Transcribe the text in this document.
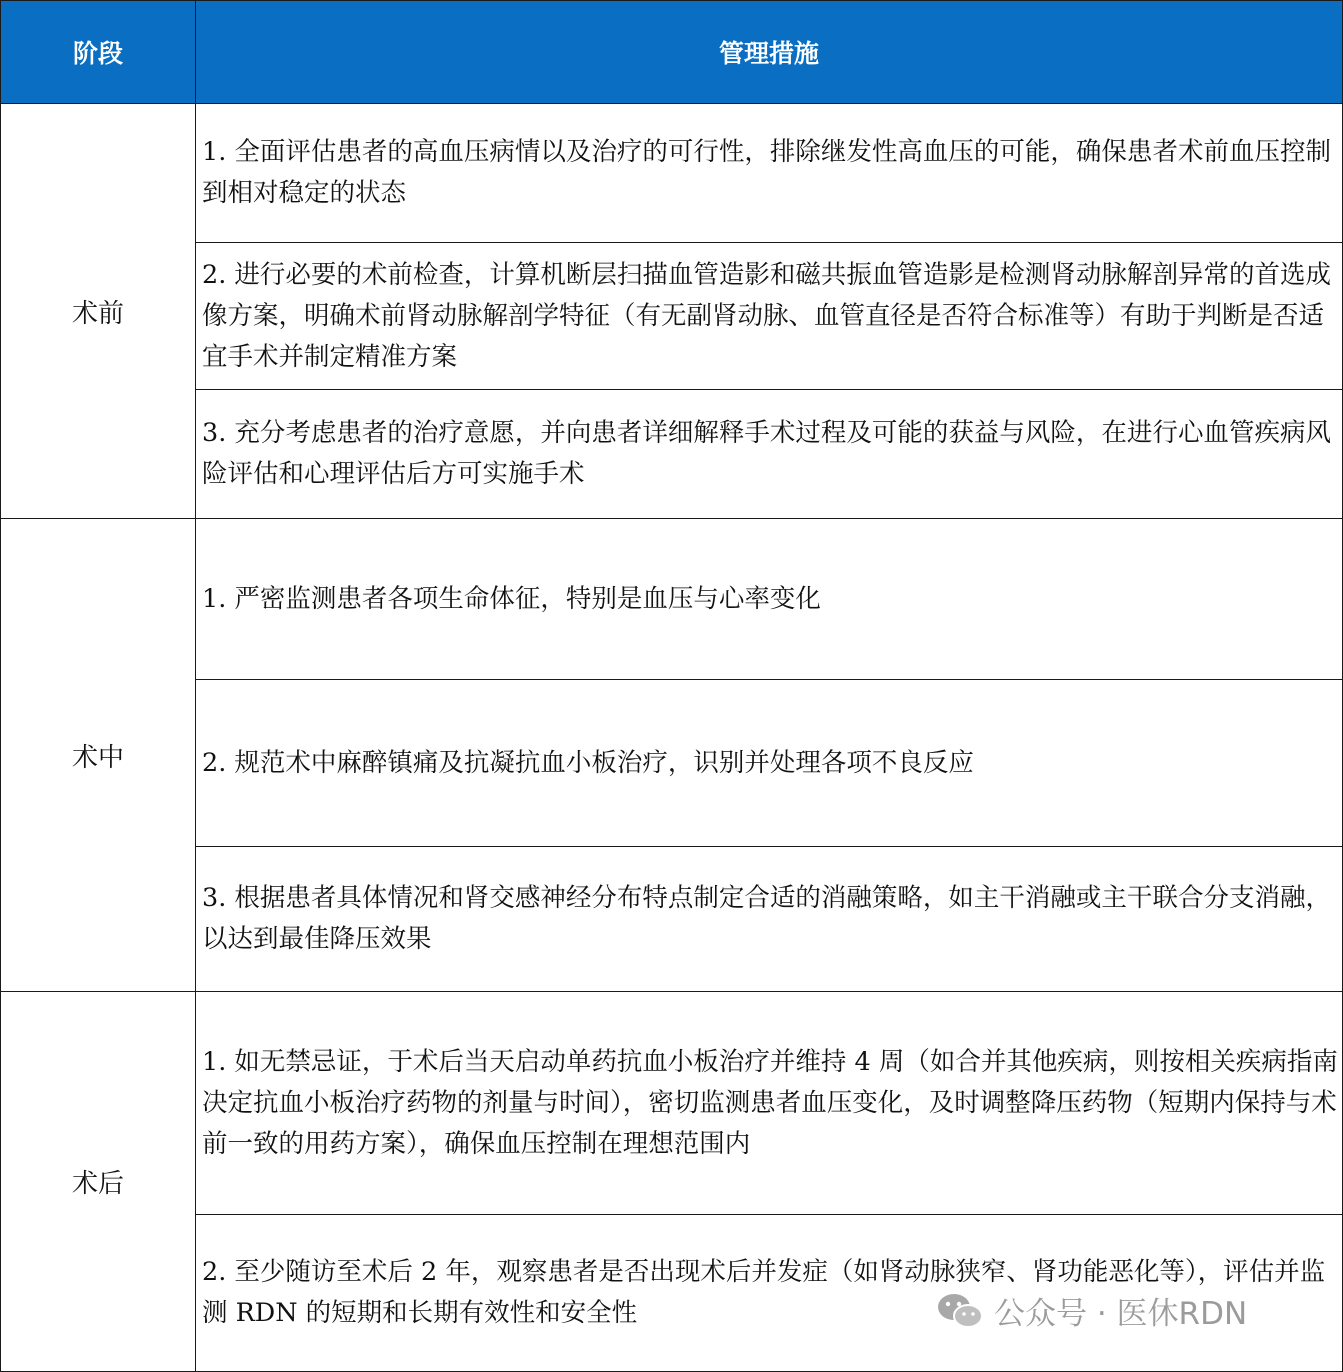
阶段	管理措施
术前	1. 全面评估患者的高血压病情以及治疗的可行性，排除继发性高血压的可能，确保患者术前血压控制到相对稳定的状态
	2. 进行必要的术前检查，计算机断层扫描血管造影和磁共振血管造影是检测肾动脉解剖异常的首选成像方案，明确术前肾动脉解剖学特征（有无副肾动脉、血管直径是否符合标准等）有助于判断是否适宜手术并制定精准方案
	3. 充分考虑患者的治疗意愿，并向患者详细解释手术过程及可能的获益与风险，在进行心血管疾病风险评估和心理评估后方可实施手术
术中	1. 严密监测患者各项生命体征，特别是血压与心率变化
	2. 规范术中麻醉镇痛及抗凝抗血小板治疗，识别并处理各项不良反应
	3. 根据患者具体情况和肾交感神经分布特点制定合适的消融策略，如主干消融或主干联合分支消融，以达到最佳降压效果
术后	1. 如无禁忌证，于术后当天启动单药抗血小板治疗并维持 4 周（如合并其他疾病，则按相关疾病指南决定抗血小板治疗药物的剂量与时间），密切监测患者血压变化，及时调整降压药物（短期内保持与术前一致的用药方案），确保血压控制在理想范围内
	2. 至少随访至术后 2 年，观察患者是否出现术后并发症（如肾动脉狭窄、肾功能恶化等），评估并监测 RDN 的短期和长期有效性和安全性	公众号 · 医休RDN
